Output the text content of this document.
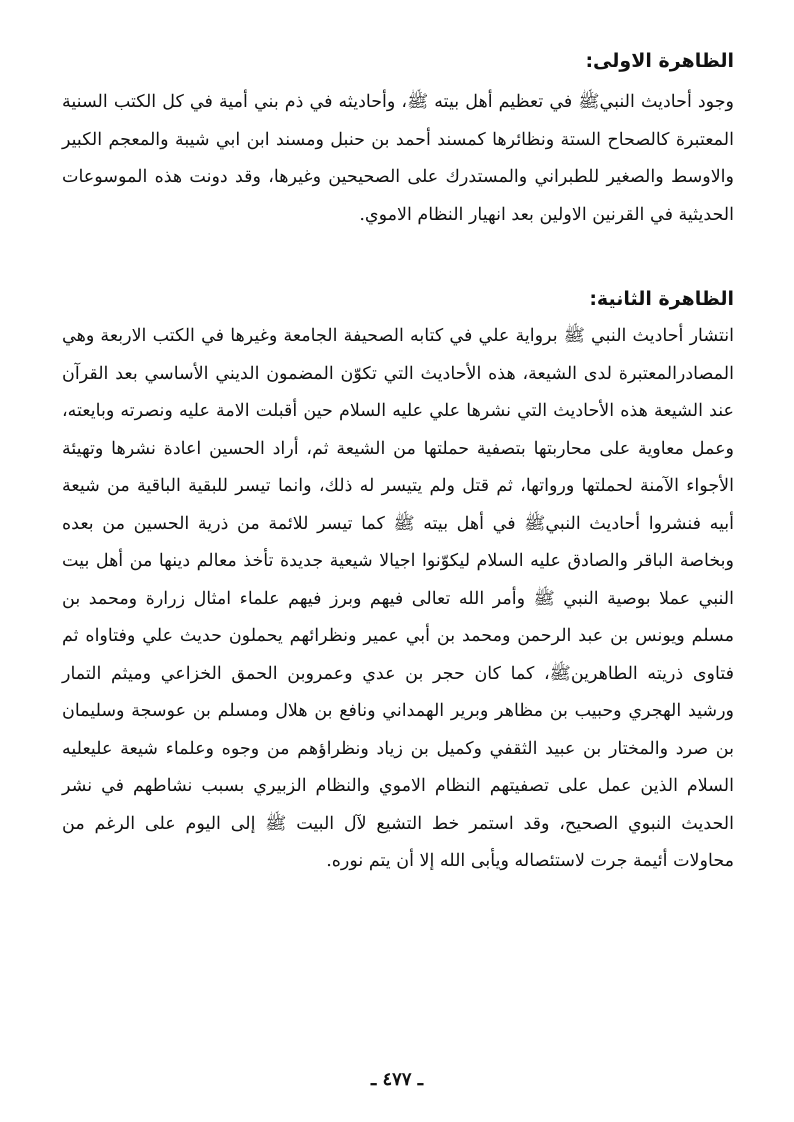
الظاهرة الاولى:
وجود أحاديث النبيﷺ في تعظيم أهل بيته ﷺ، وأحاديثه في ذم بني أمية في كل الكتب السنية المعتبرة كالصحاح الستة ونظائرها كمسند أحمد بن حنبل ومسند ابن ابي شيبة والمعجم الكبير والاوسط والصغير للطبراني والمستدرك على الصحيحين وغيرها، وقد دونت هذه الموسوعات الحديثية في القرنين الاولين بعد انهيار النظام الاموي.
الظاهرة الثانية:
انتشار أحاديث النبي ﷺ برواية علي في كتابه الصحيفة الجامعة وغيرها في الكتب الاربعة وهي المصادرالمعتبرة لدى الشيعة، هذه الأحاديث التي تكوّن المضمون الديني الأساسي بعد القرآن عند الشيعة هذه الأحاديث التي نشرها علي عليه السلام حين أقبلت الامة عليه ونصرته وبايعته، وعمل معاوية على محاربتها بتصفية حملتها من الشيعة ثم، أراد الحسين اعادة نشرها وتهيئة الأجواء الآمنة لحملتها ورواتها، ثم قتل ولم يتيسر له ذلك، وانما تيسر للبقية الباقية من شيعة أبيه فنشروا أحاديث النبيﷺ في أهل بيته ﷺ كما تيسر للائمة من ذرية الحسين من بعده وبخاصة الباقر والصادق عليه السلام ليكوّنوا اجيالا شيعية جديدة تأخذ معالم دينها من أهل بيت النبي عملا بوصية النبي ﷺ وأمر الله تعالى فيهم وبرز فيهم علماء امثال زرارة ومحمد بن مسلم ويونس بن عبد الرحمن ومحمد بن أبي عمير ونظرائهم يحملون حديث علي وفتاواه ثم فتاوى ذريته الطاهرينﷺ، كما كان حجر بن عدي وعمروبن الحمق الخزاعي وميثم التمار ورشيد الهجري وحبيب بن مظاهر وبرير الهمداني ونافع بن هلال ومسلم بن عوسجة وسليمان بن صرد والمختار بن عبيد الثقفي وكميل بن زياد ونظراؤهم من وجوه وعلماء شيعة عليعليه السلام الذين عمل على تصفيتهم النظام الاموي والنظام الزبيري بسبب نشاطهم في نشر الحديث النبوي الصحيح، وقد استمر خط التشيع لآل البيت ﷺ إلى اليوم على الرغم من محاولات أئيمة جرت لاستئصاله ويأبى الله إلا أن يتم نوره.
ـ ٤٧٧ ـ
